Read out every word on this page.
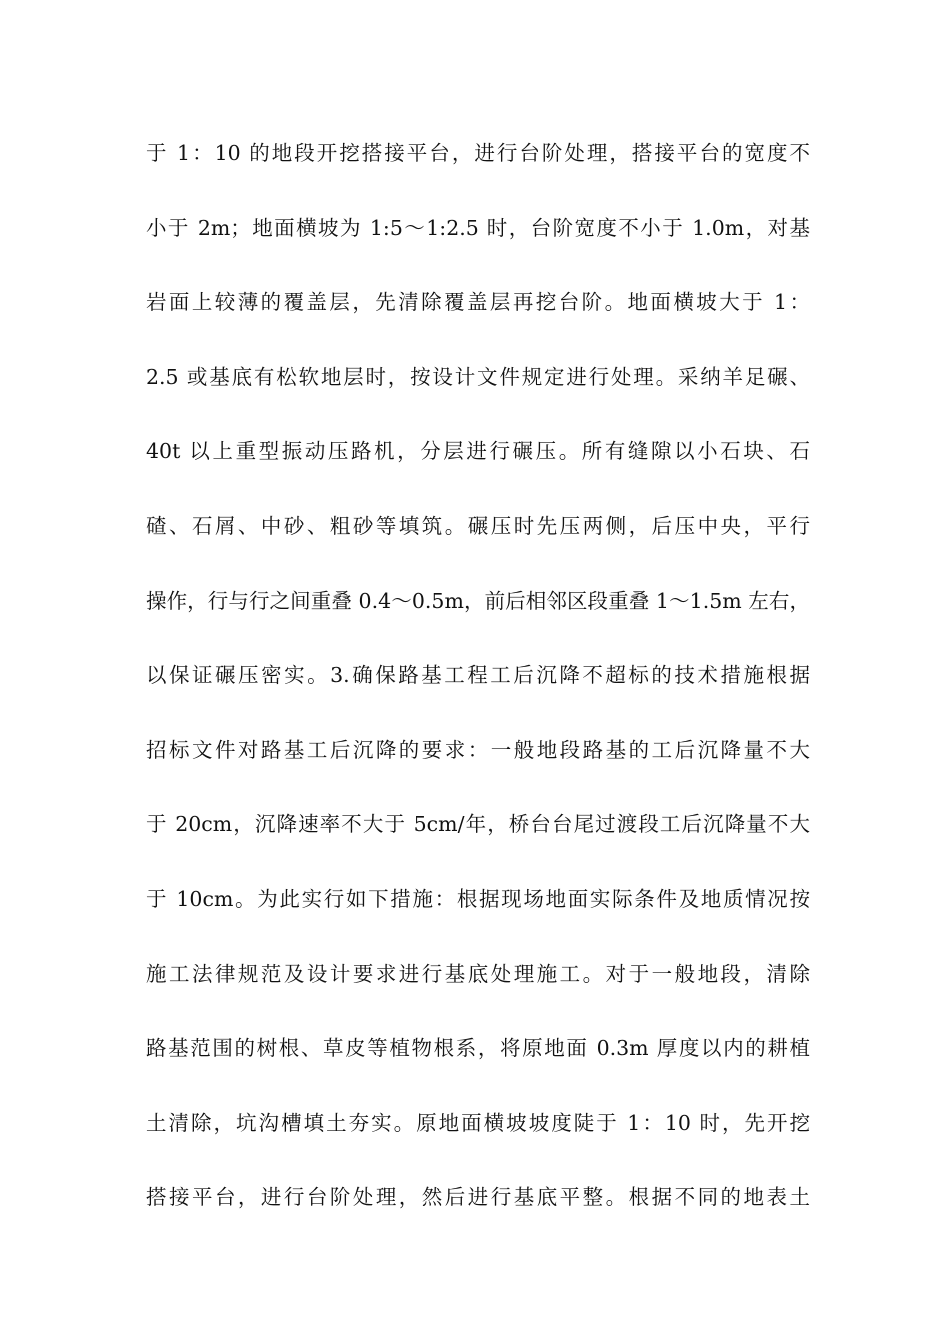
于 1：10 的地段开挖搭接平台，进行台阶处理，搭接平台的宽度不
小于 2m；地面横坡为 1:5～1:2.5 时，台阶宽度不小于 1.0m，对基
岩面上较薄的覆盖层，先清除覆盖层再挖台阶。地面横坡大于 1：
2.5 或基底有松软地层时，按设计文件规定进行处理。采纳羊足碾、
40t 以上重型振动压路机，分层进行碾压。所有缝隙以小石块、石
碴、石屑、中砂、粗砂等填筑。碾压时先压两侧，后压中央，平行
操作，行与行之间重叠 0.4～0.5m，前后相邻区段重叠 1～1.5m 左右，
以保证碾压密实。3.确保路基工程工后沉降不超标的技术措施根据
招标文件对路基工后沉降的要求：一般地段路基的工后沉降量不大
于 20cm，沉降速率不大于 5cm/年，桥台台尾过渡段工后沉降量不大
于 10cm。为此实行如下措施：根据现场地面实际条件及地质情况按
施工法律规范及设计要求进行基底处理施工。对于一般地段，清除
路基范围的树根、草皮等植物根系，将原地面 0.3m 厚度以内的耕植
土清除，坑沟槽填土夯实。原地面横坡坡度陡于 1：10 时，先开挖
搭接平台，进行台阶处理，然后进行基底平整。根据不同的地表土
